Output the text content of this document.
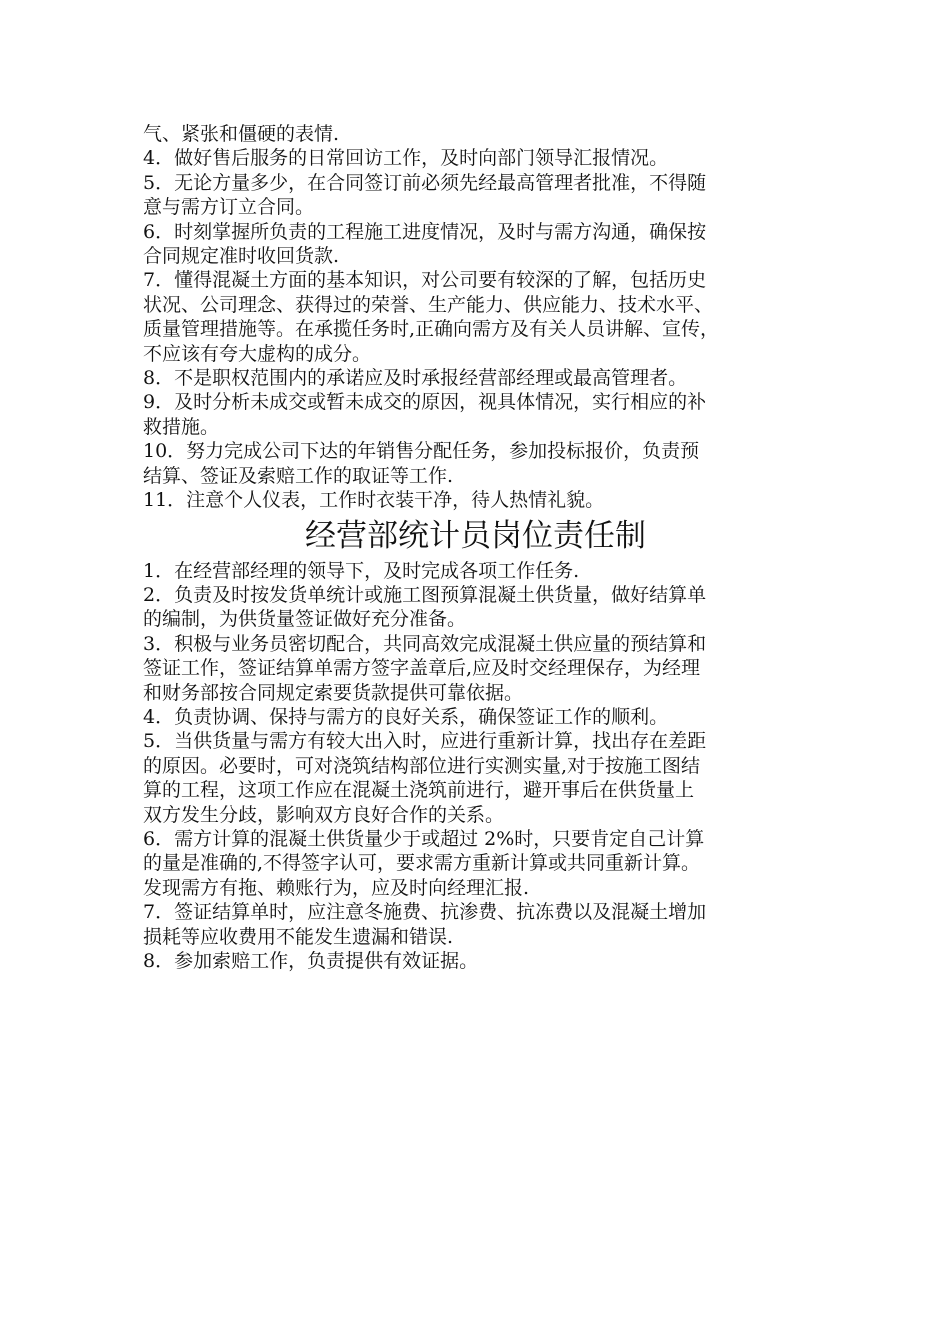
气、紧张和僵硬的表情.

4．做好售后服务的日常回访工作，及时向部门领导汇报情况。

5．无论方量多少，在合同签订前必须先经最高管理者批准，不得随

意与需方订立合同。

6．时刻掌握所负责的工程施工进度情况，及时与需方沟通，确保按

合同规定准时收回货款.

7．懂得混凝土方面的基本知识，对公司要有较深的了解，包括历史

状况、公司理念、获得过的荣誉、生产能力、供应能力、技术水平、

质量管理措施等。在承揽任务时,正确向需方及有关人员讲解、宣传，

不应该有夸大虚构的成分。

8．不是职权范围内的承诺应及时承报经营部经理或最高管理者。

9．及时分析未成交或暂未成交的原因，视具体情况，实行相应的补

救措施。

10．努力完成公司下达的年销售分配任务，参加投标报价，负责预

结算、签证及索赔工作的取证等工作.

11．注意个人仪表，工作时衣装干净，待人热情礼貌。

经营部统计员岗位责任制

1．在经营部经理的领导下，及时完成各项工作任务.

2．负责及时按发货单统计或施工图预算混凝土供货量，做好结算单

的编制，为供货量签证做好充分准备。

3．积极与业务员密切配合，共同高效完成混凝土供应量的预结算和

签证工作，签证结算单需方签字盖章后,应及时交经理保存，为经理

和财务部按合同规定索要货款提供可靠依据。

4．负责协调、保持与需方的良好关系，确保签证工作的顺利。

5．当供货量与需方有较大出入时，应进行重新计算，找出存在差距

的原因。必要时，可对浇筑结构部位进行实测实量,对于按施工图结

算的工程，这项工作应在混凝土浇筑前进行，避开事后在供货量上

双方发生分歧，影响双方良好合作的关系。

6．需方计算的混凝土供货量少于或超过 2%时，只要肯定自己计算

的量是准确的,不得签字认可，要求需方重新计算或共同重新计算。

发现需方有拖、赖账行为，应及时向经理汇报.

7．签证结算单时，应注意冬施费、抗渗费、抗冻费以及混凝土增加

损耗等应收费用不能发生遗漏和错误.

8．参加索赔工作，负责提供有效证据。
